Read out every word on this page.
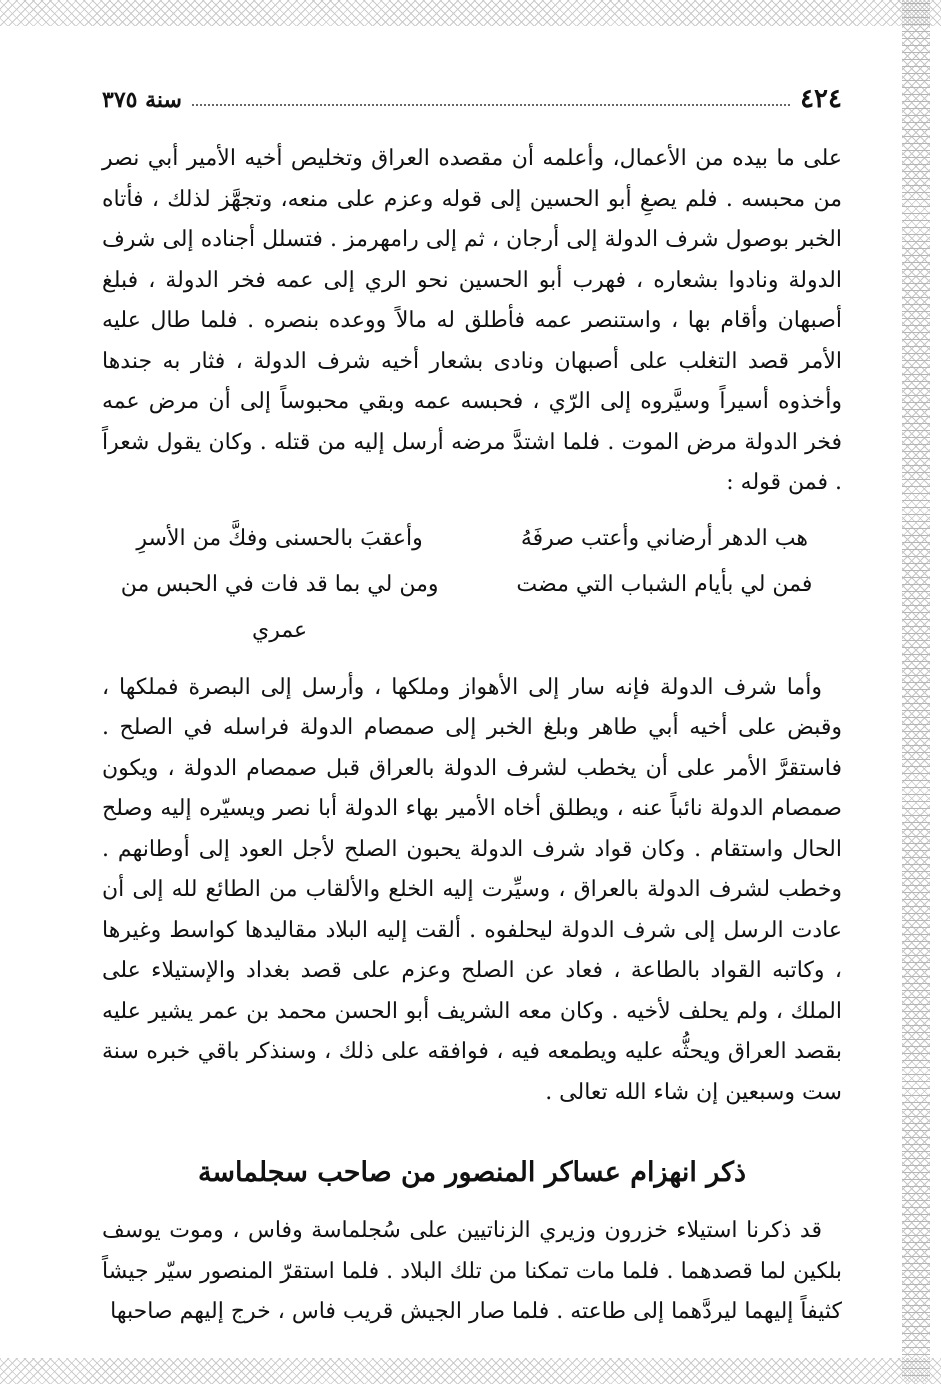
٤٢٤
سنة ٣٧٥

على ما بيده من الأعمال، وأعلمه أن مقصده العراق وتخليص أخيه الأمير أبي نصر من محبسه . فلم يصغِ أبو الحسين إلى قوله وعزم على منعه، وتجهَّز لذلك ، فأتاه الخبر بوصول شرف الدولة إلى أرجان ، ثم إلى رامهرمز . فتسلل أجناده إلى شرف الدولة ونادوا بشعاره ، فهرب أبو الحسين نحو الري إلى عمه فخر الدولة ، فبلغ أصبهان وأقام بها ، واستنصر عمه فأطلق له مالاً ووعده بنصره . فلما طال عليه الأمر قصد التغلب على أصبهان ونادى بشعار أخيه شرف الدولة ، فثار به جندها وأخذوه أسيراً وسيَّروه إلى الرّي ، فحبسه عمه وبقي محبوساً إلى أن مرض عمه فخر الدولة مرض الموت . فلما اشتدَّ مرضه أرسل إليه من قتله . وكان يقول شعراً . فمن قوله :

هب الدهر أرضاني وأعتب صرفَهُ
وأعقبَ بالحسنى وفكَّ من الأسرِ
فمن لي بأيام الشباب التي مضت
ومن لي بما قد فات في الحبس من عمري

وأما شرف الدولة فإنه سار إلى الأهواز وملكها ، وأرسل إلى البصرة فملكها ، وقبض على أخيه أبي طاهر وبلغ الخبر إلى صمصام الدولة فراسله في الصلح . فاستقرَّ الأمر على أن يخطب لشرف الدولة بالعراق قبل صمصام الدولة ، ويكون صمصام الدولة نائباً عنه ، ويطلق أخاه الأمير بهاء الدولة أبا نصر ويسيّره إليه وصلح الحال واستقام . وكان قواد شرف الدولة يحبون الصلح لأجل العود إلى أوطانهم . وخطب لشرف الدولة بالعراق ، وسيِّرت إليه الخلع والألقاب من الطائع لله إلى أن عادت الرسل إلى شرف الدولة ليحلفوه . ألقت إليه البلاد مقاليدها كواسط وغيرها ، وكاتبه القواد بالطاعة ، فعاد عن الصلح وعزم على قصد بغداد والإستيلاء على الملك ، ولم يحلف لأخيه . وكان معه الشريف أبو الحسن محمد بن عمر يشير عليه بقصد العراق ويحثُّه عليه ويطمعه فيه ، فوافقه على ذلك ، وسنذكر باقي خبره سنة ست وسبعين إن شاء الله تعالى .

ذكر انهزام عساكر المنصور من صاحب سجلماسة

قد ذكرنا استيلاء خزرون وزيري الزناتيين على سُجلماسة وفاس ، وموت يوسف بلكين لما قصدهما . فلما مات تمكنا من تلك البلاد . فلما استقرّ المنصور سيّر جيشاً كثيفاً إليهما ليردَّهما إلى طاعته . فلما صار الجيش قريب فاس ، خرج إليهم صاحبها
